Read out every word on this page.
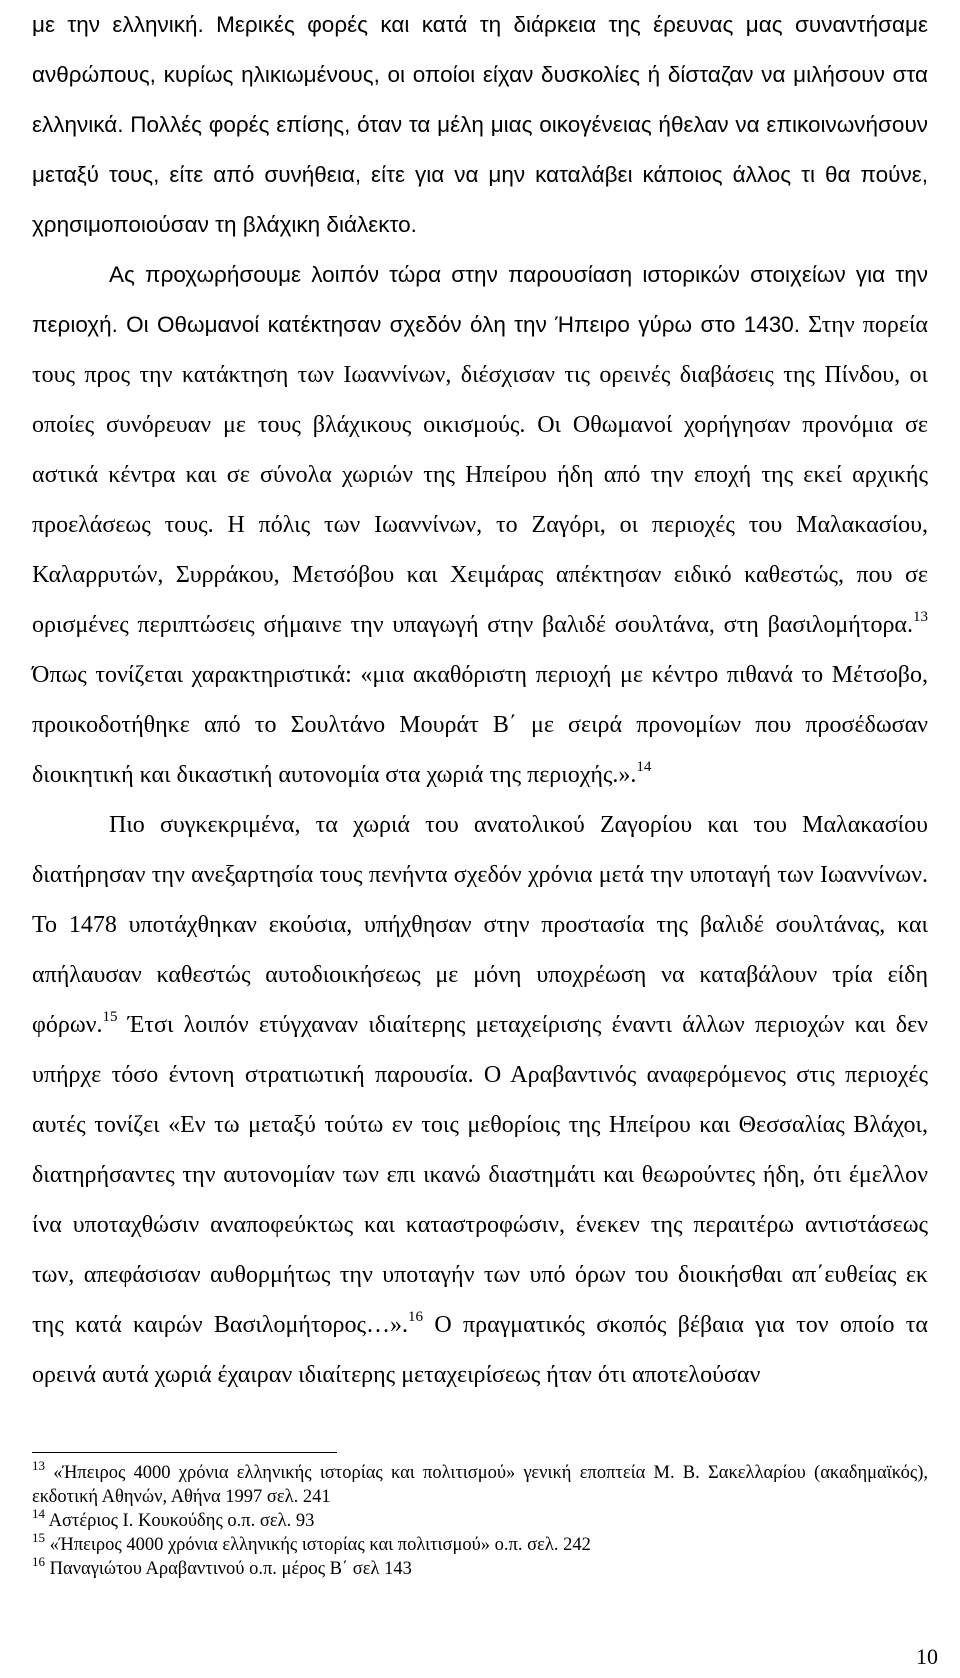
με την ελληνική. Μερικές φορές και κατά τη διάρκεια της έρευνας μας συναντήσαμε ανθρώπους, κυρίως ηλικιωμένους, οι οποίοι είχαν δυσκολίες ή δίσταζαν να μιλήσουν στα ελληνικά. Πολλές φορές επίσης, όταν τα μέλη μιας οικογένειας ήθελαν να επικοινωνήσουν μεταξύ τους, είτε από συνήθεια, είτε για να μην καταλάβει κάποιος άλλος τι θα πούνε, χρησιμοποιούσαν τη βλάχικη διάλεκτο.

Ας προχωρήσουμε λοιπόν τώρα στην παρουσίαση ιστορικών στοιχείων για την περιοχή. Οι Οθωμανοί κατέκτησαν σχεδόν όλη την Ήπειρο γύρω στο 1430. Στην πορεία τους προς την κατάκτηση των Ιωαννίνων, διέσχισαν τις ορεινές διαβάσεις της Πίνδου, οι οποίες συνόρευαν με τους βλάχικους οικισμούς. Οι Οθωμανοί χορήγησαν προνόμια σε αστικά κέντρα και σε σύνολα χωριών της Ηπείρου ήδη από την εποχή της εκεί αρχικής προελάσεως τους. Η πόλις των Ιωαννίνων, το Ζαγόρι, οι περιοχές του Μαλακασίου, Καλαρρυτών, Συρράκου, Μετσόβου και Χειμάρας απέκτησαν ειδικό καθεστώς, που σε ορισμένες περιπτώσεις σήμαινε την υπαγωγή στην βαλιδέ σουλτάνα, στη βασιλομήτορα.$^{13}$ Όπως τονίζεται χαρακτηριστικά: «μια ακαθόριστη περιοχή με κέντρο πιθανά το Μέτσοβο, προικοδοτήθηκε από το Σουλτάνο Μουράτ Β΄ με σειρά προνομίων που προσέδωσαν διοικητική και δικαστική αυτονομία στα χωριά της περιοχής.».$^{14}$

Πιο συγκεκριμένα, τα χωριά του ανατολικού Ζαγορίου και του Μαλακασίου διατήρησαν την ανεξαρτησία τους πενήντα σχεδόν χρόνια μετά την υποταγή των Ιωαννίνων. Το 1478 υποτάχθηκαν εκούσια, υπήχθησαν στην προστασία της βαλιδέ σουλτάνας, και απήλαυσαν καθεστώς αυτοδιοικήσεως με μόνη υποχρέωση να καταβάλουν τρία είδη φόρων.$^{15}$ Έτσι λοιπόν ετύγχαναν ιδιαίτερης μεταχείρισης έναντι άλλων περιοχών και δεν υπήρχε τόσο έντονη στρατιωτική παρουσία. Ο Αραβαντινός αναφερόμενος στις περιοχές αυτές τονίζει «Εν τω μεταξύ τούτω εν τοις μεθορίοις της Ηπείρου και Θεσσαλίας Βλάχοι, διατηρήσαντες την αυτονομίαν των επι ικανώ διαστημάτι και θεωρούντες ήδη, ότι έμελλον ίνα υποταχθώσιν αναποφεύκτως και καταστροφώσιν, ένεκεν της περαιτέρω αντιστάσεως των, απεφάσισαν αυθορμήτως την υποταγήν των υπό όρων του διοικήσθαι απ΄ευθείας εκ της κατά καιρών Βασιλομήτορος…».$^{16}$ Ο πραγματικός σκοπός βέβαια για τον οποίο τα ορεινά αυτά χωριά έχαιραν ιδιαίτερης μεταχειρίσεως ήταν ότι αποτελούσαν

$^{13}$ «Ήπειρος 4000 χρόνια ελληνικής ιστορίας και πολιτισμού» γενική εποπτεία Μ. Β. Σακελλαρίου (ακαδημαϊκός), εκδοτική Αθηνών, Αθήνα 1997 σελ. 241

$^{14}$ Αστέριος Ι. Κουκούδης ο.π. σελ. 93

$^{15}$ «Ήπειρος 4000 χρόνια ελληνικής ιστορίας και πολιτισμού» ο.π. σελ. 242

$^{16}$ Παναγιώτου Αραβαντινού ο.π. μέρος Β΄ σελ 143

10
